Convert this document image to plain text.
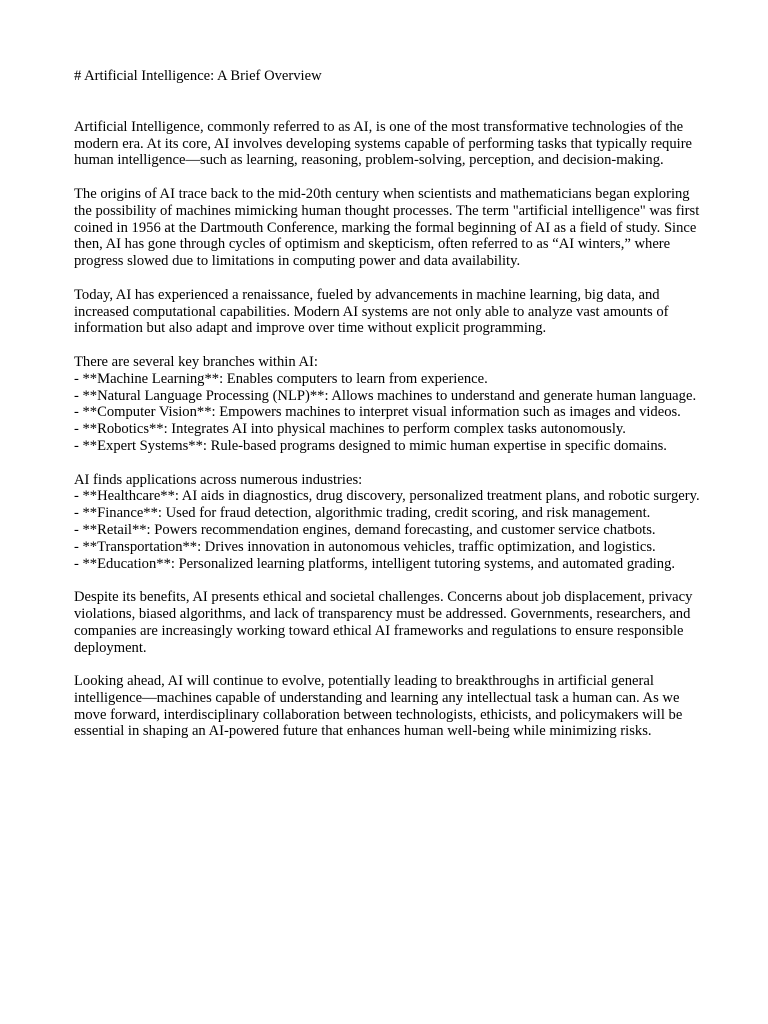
# Artificial Intelligence: A Brief Overview

Artificial Intelligence, commonly referred to as AI, is one of the most transformative technologies of the modern era. At its core, AI involves developing systems capable of performing tasks that typically require human intelligence—such as learning, reasoning, problem-solving, perception, and decision-making.

The origins of AI trace back to the mid-20th century when scientists and mathematicians began exploring the possibility of machines mimicking human thought processes. The term "artificial intelligence" was first coined in 1956 at the Dartmouth Conference, marking the formal beginning of AI as a field of study. Since then, AI has gone through cycles of optimism and skepticism, often referred to as “AI winters,” where progress slowed due to limitations in computing power and data availability.

Today, AI has experienced a renaissance, fueled by advancements in machine learning, big data, and increased computational capabilities. Modern AI systems are not only able to analyze vast amounts of information but also adapt and improve over time without explicit programming.

There are several key branches within AI:
- **Machine Learning**: Enables computers to learn from experience.
- **Natural Language Processing (NLP)**: Allows machines to understand and generate human language.
- **Computer Vision**: Empowers machines to interpret visual information such as images and videos.
- **Robotics**: Integrates AI into physical machines to perform complex tasks autonomously.
- **Expert Systems**: Rule-based programs designed to mimic human expertise in specific domains.
AI finds applications across numerous industries:
- **Healthcare**: AI aids in diagnostics, drug discovery, personalized treatment plans, and robotic surgery.
- **Finance**: Used for fraud detection, algorithmic trading, credit scoring, and risk management.
- **Retail**: Powers recommendation engines, demand forecasting, and customer service chatbots.
- **Transportation**: Drives innovation in autonomous vehicles, traffic optimization, and logistics.
- **Education**: Personalized learning platforms, intelligent tutoring systems, and automated grading.

Despite its benefits, AI presents ethical and societal challenges. Concerns about job displacement, privacy violations, biased algorithms, and lack of transparency must be addressed. Governments, researchers, and companies are increasingly working toward ethical AI frameworks and regulations to ensure responsible deployment.

Looking ahead, AI will continue to evolve, potentially leading to breakthroughs in artificial general intelligence—machines capable of understanding and learning any intellectual task a human can. As we move forward, interdisciplinary collaboration between technologists, ethicists, and policymakers will be essential in shaping an AI-powered future that enhances human well-being while minimizing risks.
